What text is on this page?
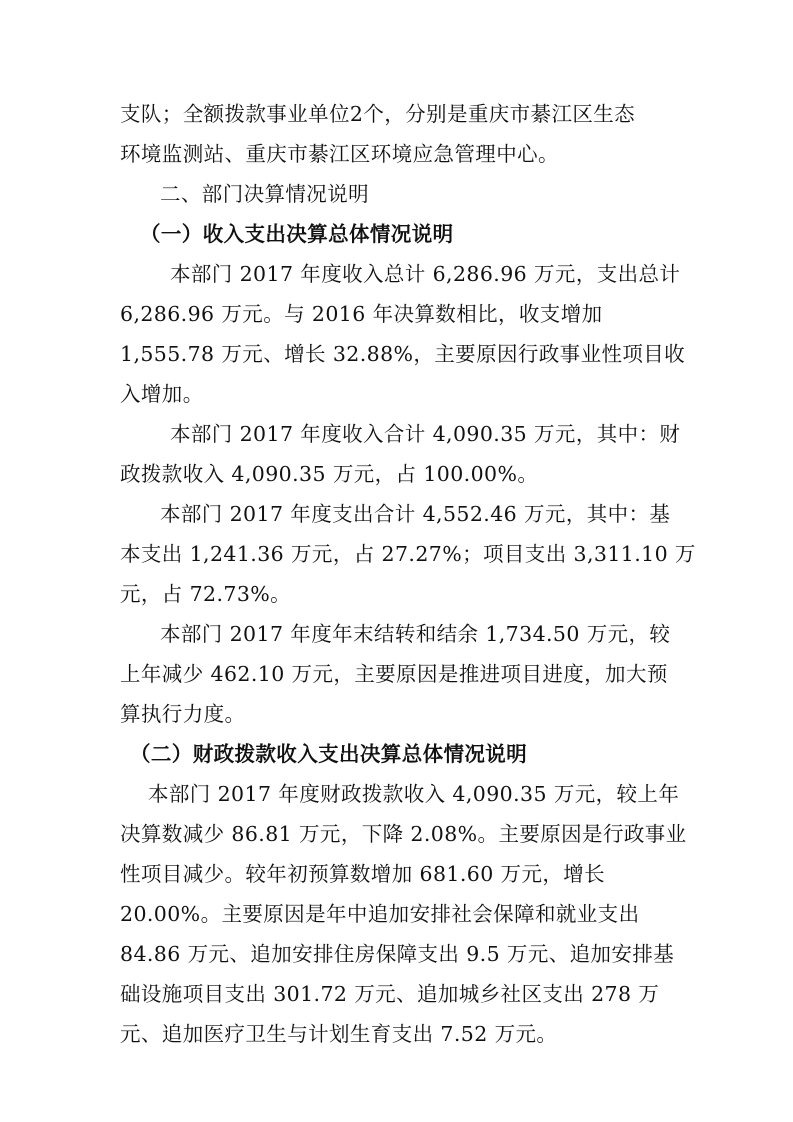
支队；全额拨款事业单位2个，分别是重庆市綦江区生态
环境监测站、重庆市綦江区环境应急管理中心。
二、部门决算情况说明
（一）收入支出决算总体情况说明
本部门 2017 年度收入总计 6,286.96 万元，支出总计
6,286.96 万元。与 2016 年决算数相比，收支增加
1,555.78 万元、增长 32.88%，主要原因行政事业性项目收
入增加。
本部门 2017 年度收入合计 4,090.35 万元，其中：财
政拨款收入 4,090.35 万元，占 100.00%。
本部门 2017 年度支出合计 4,552.46 万元，其中：基
本支出 1,241.36 万元，占 27.27%；项目支出 3,311.10 万
元，占 72.73%。
本部门 2017 年度年末结转和结余 1,734.50 万元，较
上年减少 462.10 万元，主要原因是推进项目进度，加大预
算执行力度。
（二）财政拨款收入支出决算总体情况说明
本部门 2017 年度财政拨款收入 4,090.35 万元，较上年
决算数减少 86.81 万元，下降 2.08%。主要原因是行政事业
性项目减少。较年初预算数增加 681.60 万元，增长
20.00%。主要原因是年中追加安排社会保障和就业支出
84.86 万元、追加安排住房保障支出 9.5 万元、追加安排基
础设施项目支出 301.72 万元、追加城乡社区支出 278 万
元、追加医疗卫生与计划生育支出 7.52 万元。
